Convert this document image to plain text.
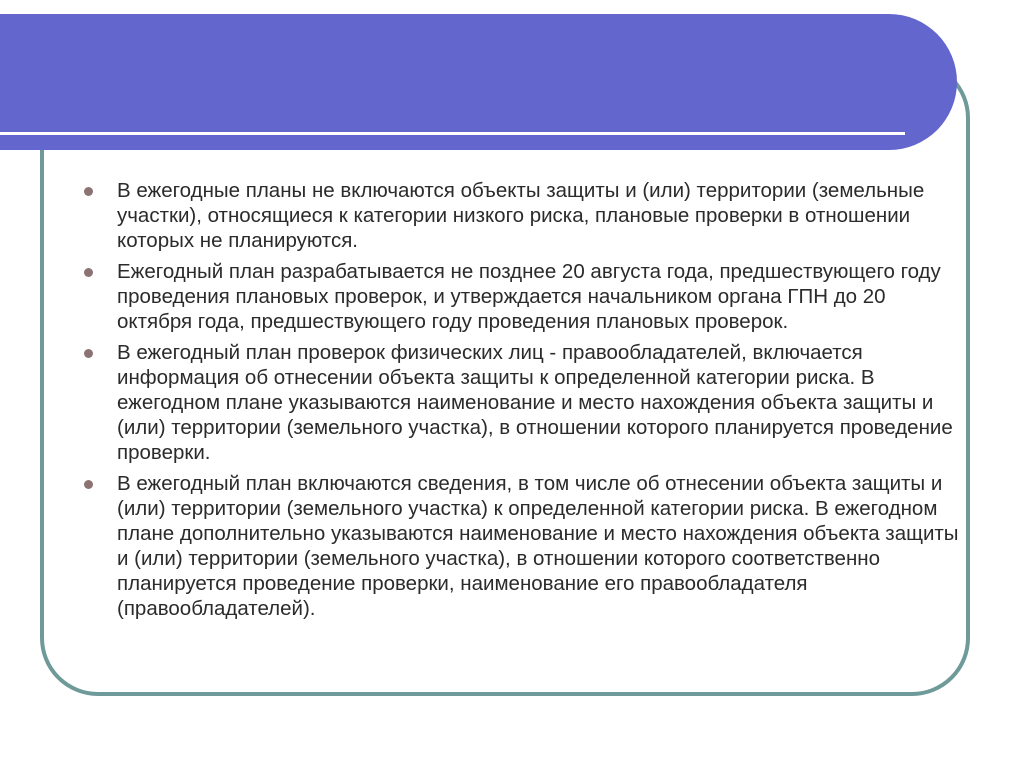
В ежегодные планы не включаются объекты защиты и (или) территории (земельные участки), относящиеся к категории низкого риска, плановые проверки в отношении которых не планируются.
Ежегодный план разрабатывается не позднее 20 августа года, предшествующего году проведения плановых проверок, и утверждается начальником органа ГПН до 20 октября года, предшествующего году проведения плановых проверок.
В ежегодный план проверок физических лиц - правообладателей, включается информация об отнесении объекта защиты к определенной категории риска. В ежегодном плане указываются наименование и место нахождения объекта защиты и (или) территории (земельного участка), в отношении которого планируется проведение проверки.
В ежегодный план включаются сведения, в том числе об отнесении объекта защиты и (или) территории (земельного участка) к определенной категории риска. В ежегодном плане дополнительно указываются наименование и место нахождения объекта защиты и (или) территории (земельного участка), в отношении которого соответственно планируется проведение проверки, наименование его правообладателя (правообладателей).
